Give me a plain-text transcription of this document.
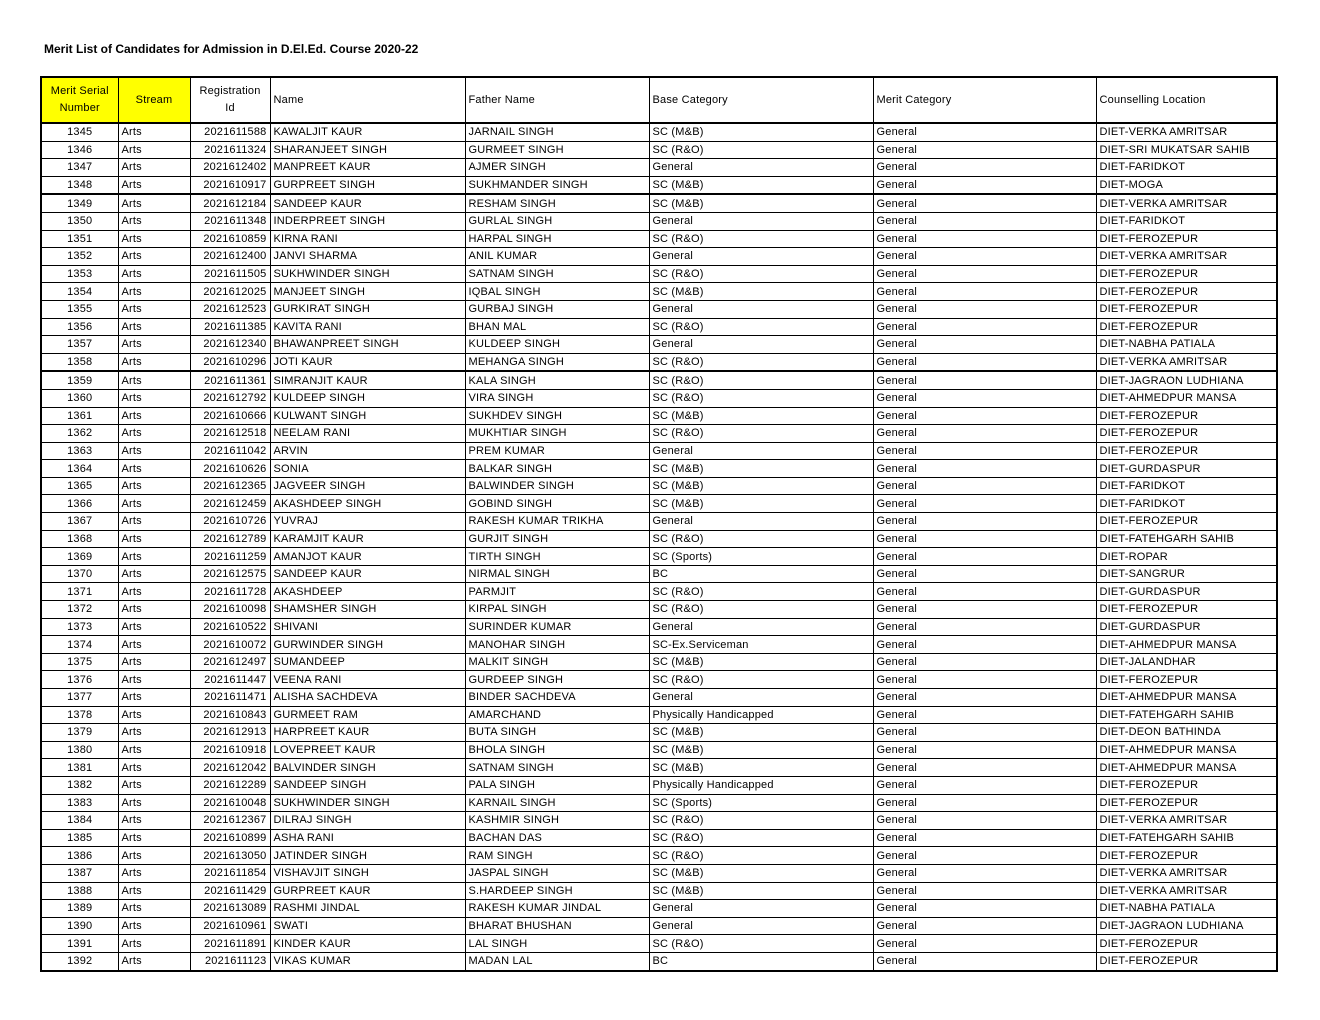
Merit List of Candidates for Admission in D.El.Ed. Course 2020-22
Merit Serial Number	Stream	Registration Id	Name	Father Name	Base Category	Merit Category	Counselling Location
1345	Arts	2021611588	KAWALJIT KAUR	JARNAIL SINGH	SC (M&B)	General	DIET-VERKA AMRITSAR
1346	Arts	2021611324	SHARANJEET SINGH	GURMEET SINGH	SC (R&O)	General	DIET-SRI MUKATSAR SAHIB
1347	Arts	2021612402	MANPREET KAUR	AJMER SINGH	General	General	DIET-FARIDKOT
1348	Arts	2021610917	GURPREET SINGH	SUKHMANDER SINGH	SC (M&B)	General	DIET-MOGA
1349	Arts	2021612184	SANDEEP KAUR	RESHAM SINGH	SC (M&B)	General	DIET-VERKA AMRITSAR
1350	Arts	2021611348	INDERPREET SINGH	GURLAL SINGH	General	General	DIET-FARIDKOT
1351	Arts	2021610859	KIRNA RANI	HARPAL SINGH	SC (R&O)	General	DIET-FEROZEPUR
1352	Arts	2021612400	JANVI SHARMA	ANIL KUMAR	General	General	DIET-VERKA AMRITSAR
1353	Arts	2021611505	SUKHWINDER SINGH	SATNAM SINGH	SC (R&O)	General	DIET-FEROZEPUR
1354	Arts	2021612025	MANJEET SINGH	IQBAL SINGH	SC (M&B)	General	DIET-FEROZEPUR
1355	Arts	2021612523	GURKIRAT SINGH	GURBAJ SINGH	General	General	DIET-FEROZEPUR
1356	Arts	2021611385	KAVITA RANI	BHAN MAL	SC (R&O)	General	DIET-FEROZEPUR
1357	Arts	2021612340	BHAWANPREET SINGH	KULDEEP SINGH	General	General	DIET-NABHA PATIALA
1358	Arts	2021610296	JOTI KAUR	MEHANGA SINGH	SC (R&O)	General	DIET-VERKA AMRITSAR
1359	Arts	2021611361	SIMRANJIT KAUR	KALA SINGH	SC (R&O)	General	DIET-JAGRAON LUDHIANA
1360	Arts	2021612792	KULDEEP SINGH	VIRA SINGH	SC (R&O)	General	DIET-AHMEDPUR MANSA
1361	Arts	2021610666	KULWANT SINGH	SUKHDEV SINGH	SC (M&B)	General	DIET-FEROZEPUR
1362	Arts	2021612518	NEELAM RANI	MUKHTIAR SINGH	SC (R&O)	General	DIET-FEROZEPUR
1363	Arts	2021611042	ARVIN	PREM KUMAR	General	General	DIET-FEROZEPUR
1364	Arts	2021610626	SONIA	BALKAR SINGH	SC (M&B)	General	DIET-GURDASPUR
1365	Arts	2021612365	JAGVEER SINGH	BALWINDER SINGH	SC (M&B)	General	DIET-FARIDKOT
1366	Arts	2021612459	AKASHDEEP SINGH	GOBIND SINGH	SC (M&B)	General	DIET-FARIDKOT
1367	Arts	2021610726	YUVRAJ	RAKESH KUMAR TRIKHA	General	General	DIET-FEROZEPUR
1368	Arts	2021612789	KARAMJIT KAUR	GURJIT SINGH	SC (R&O)	General	DIET-FATEHGARH SAHIB
1369	Arts	2021611259	AMANJOT KAUR	TIRTH SINGH	SC (Sports)	General	DIET-ROPAR
1370	Arts	2021612575	SANDEEP KAUR	NIRMAL SINGH	BC	General	DIET-SANGRUR
1371	Arts	2021611728	AKASHDEEP	PARMJIT	SC (R&O)	General	DIET-GURDASPUR
1372	Arts	2021610098	SHAMSHER SINGH	KIRPAL SINGH	SC (R&O)	General	DIET-FEROZEPUR
1373	Arts	2021610522	SHIVANI	SURINDER KUMAR	General	General	DIET-GURDASPUR
1374	Arts	2021610072	GURWINDER SINGH	MANOHAR SINGH	SC-Ex.Serviceman	General	DIET-AHMEDPUR MANSA
1375	Arts	2021612497	SUMANDEEP	MALKIT SINGH	SC (M&B)	General	DIET-JALANDHAR
1376	Arts	2021611447	VEENA RANI	GURDEEP SINGH	SC (R&O)	General	DIET-FEROZEPUR
1377	Arts	2021611471	ALISHA SACHDEVA	BINDER SACHDEVA	General	General	DIET-AHMEDPUR MANSA
1378	Arts	2021610843	GURMEET RAM	AMARCHAND	Physically Handicapped	General	DIET-FATEHGARH SAHIB
1379	Arts	2021612913	HARPREET KAUR	BUTA SINGH	SC (M&B)	General	DIET-DEON BATHINDA
1380	Arts	2021610918	LOVEPREET KAUR	BHOLA SINGH	SC (M&B)	General	DIET-AHMEDPUR MANSA
1381	Arts	2021612042	BALVINDER SINGH	SATNAM SINGH	SC (M&B)	General	DIET-AHMEDPUR MANSA
1382	Arts	2021612289	SANDEEP SINGH	PALA SINGH	Physically Handicapped	General	DIET-FEROZEPUR
1383	Arts	2021610048	SUKHWINDER SINGH	KARNAIL SINGH	SC (Sports)	General	DIET-FEROZEPUR
1384	Arts	2021612367	DILRAJ SINGH	KASHMIR SINGH	SC (R&O)	General	DIET-VERKA AMRITSAR
1385	Arts	2021610899	ASHA RANI	BACHAN DAS	SC (R&O)	General	DIET-FATEHGARH SAHIB
1386	Arts	2021613050	JATINDER SINGH	RAM SINGH	SC (R&O)	General	DIET-FEROZEPUR
1387	Arts	2021611854	VISHAVJIT SINGH	JASPAL SINGH	SC (M&B)	General	DIET-VERKA AMRITSAR
1388	Arts	2021611429	GURPREET KAUR	S.HARDEEP SINGH	SC (M&B)	General	DIET-VERKA AMRITSAR
1389	Arts	2021613089	RASHMI JINDAL	RAKESH KUMAR JINDAL	General	General	DIET-NABHA PATIALA
1390	Arts	2021610961	SWATI	BHARAT BHUSHAN	General	General	DIET-JAGRAON LUDHIANA
1391	Arts	2021611891	KINDER KAUR	LAL SINGH	SC (R&O)	General	DIET-FEROZEPUR
1392	Arts	2021611123	VIKAS KUMAR	MADAN LAL	BC	General	DIET-FEROZEPUR
